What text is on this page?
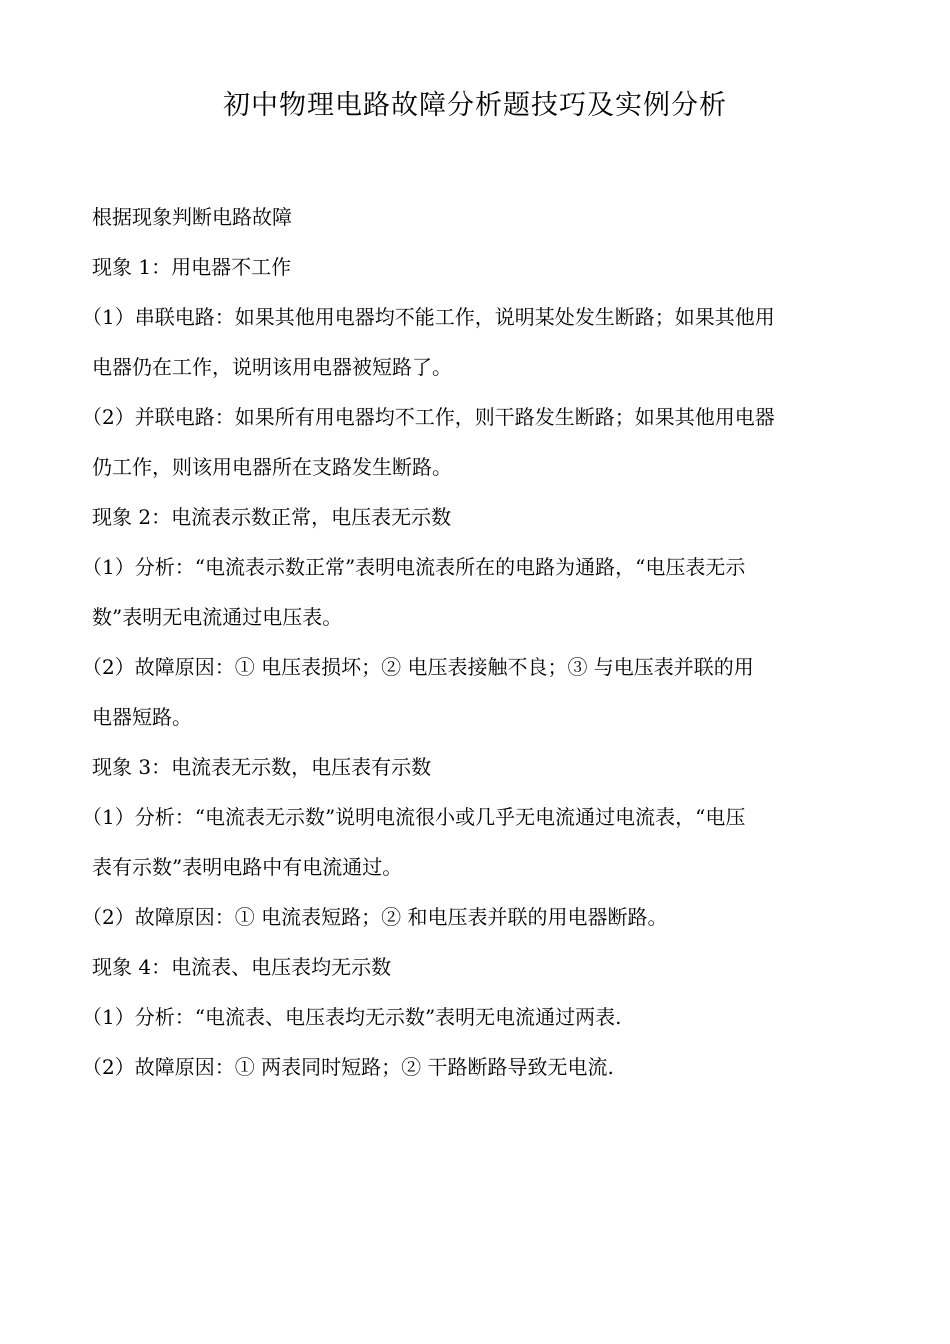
初中物理电路故障分析题技巧及实例分析
根据现象判断电路故障
现象 1：用电器不工作
（1）串联电路：如果其他用电器均不能工作，说明某处发生断路；如果其他用
电器仍在工作，说明该用电器被短路了。
（2）并联电路：如果所有用电器均不工作，则干路发生断路；如果其他用电器
仍工作，则该用电器所在支路发生断路。
现象 2：电流表示数正常，电压表无示数
（1）分析：“电流表示数正常”表明电流表所在的电路为通路，“电压表无示
数”表明无电流通过电压表。
（2）故障原因：① 电压表损坏；② 电压表接触不良；③ 与电压表并联的用
电器短路。
现象 3：电流表无示数，电压表有示数
（1）分析：“电流表无示数”说明电流很小或几乎无电流通过电流表，“电压
表有示数”表明电路中有电流通过。
（2）故障原因：① 电流表短路；② 和电压表并联的用电器断路。
现象 4：电流表、电压表均无示数
（1）分析：“电流表、电压表均无示数”表明无电流通过两表.
（2）故障原因：① 两表同时短路；② 干路断路导致无电流.
